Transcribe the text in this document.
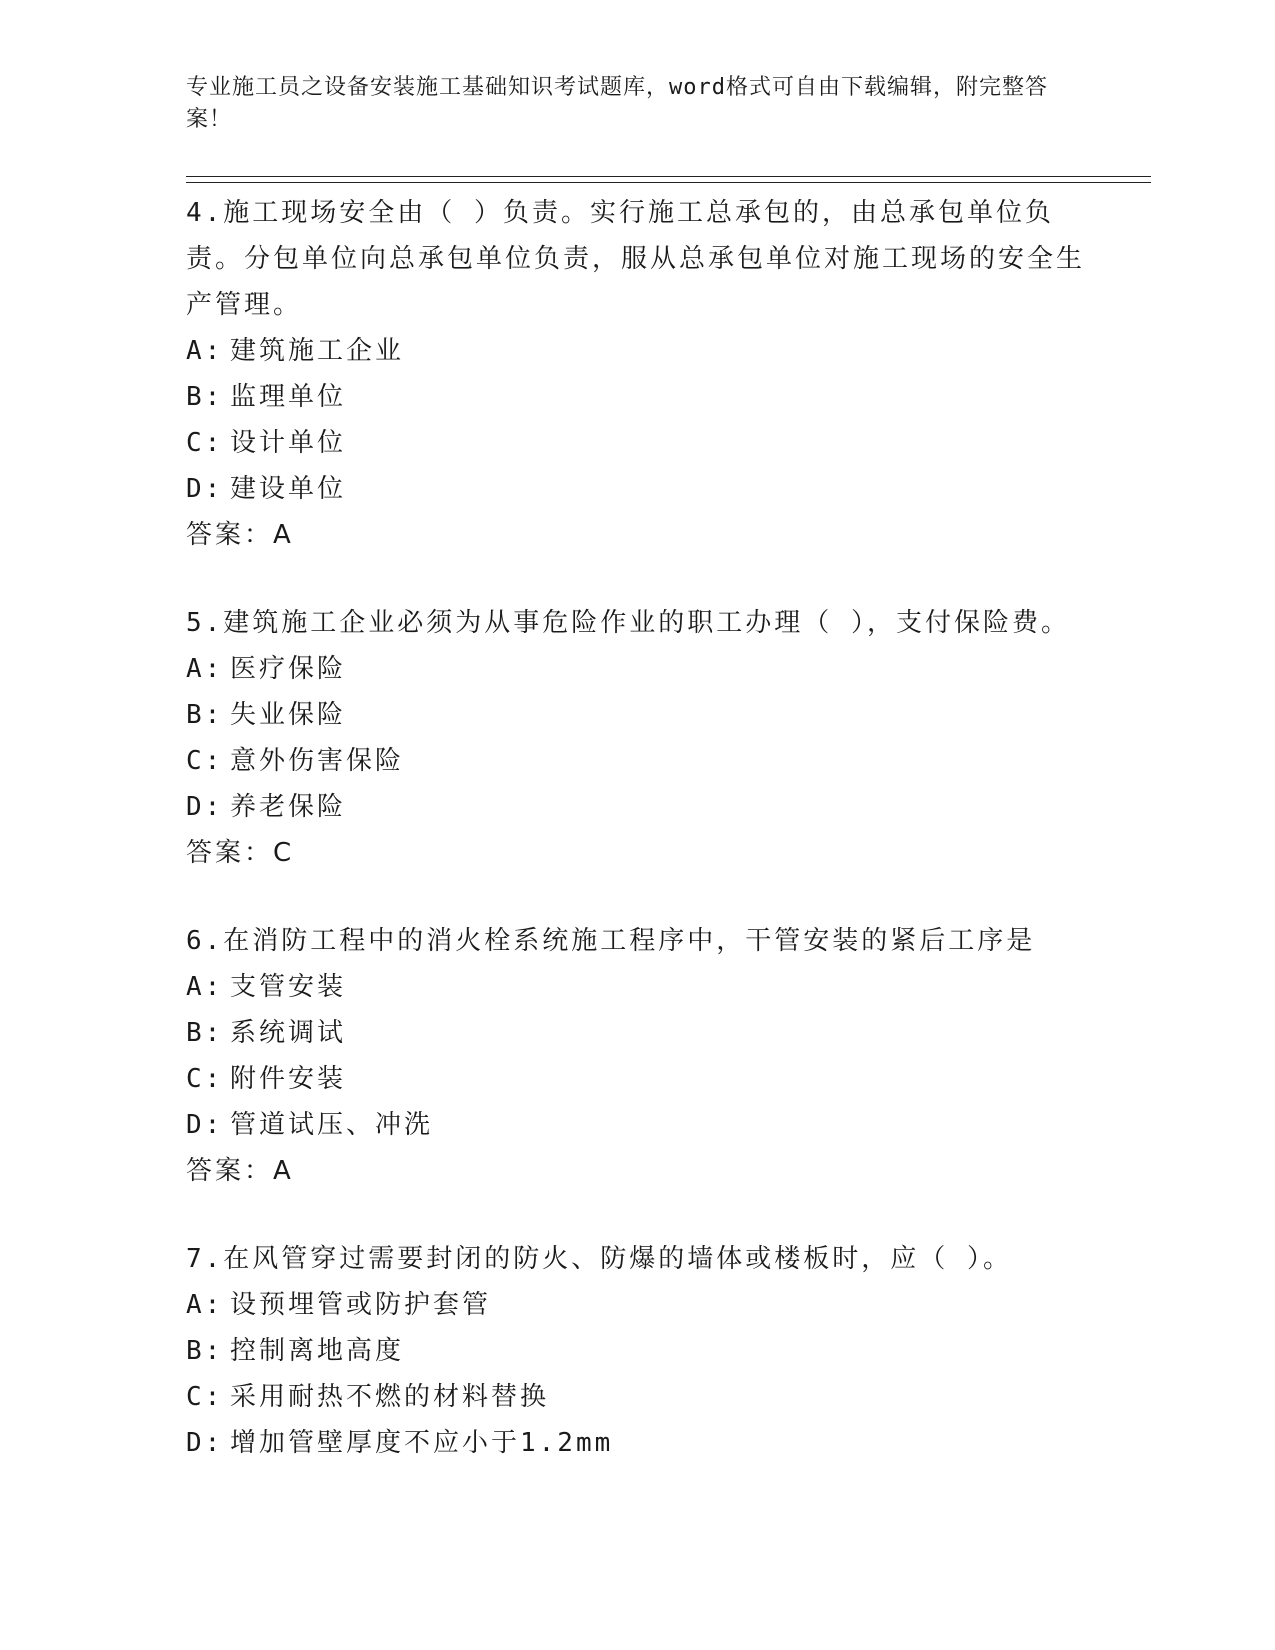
专业施工员之设备安装施工基础知识考试题库，word格式可自由下载编辑，附完整答案！
4.施工现场安全由（ ）负责。实行施工总承包的，由总承包单位负责。分包单位向总承包单位负责，服从总承包单位对施工现场的安全生产管理。
A: 建筑施工企业
B: 监理单位
C: 设计单位
D: 建设单位
答案：A
5.建筑施工企业必须为从事危险作业的职工办理（ ），支付保险费。
A: 医疗保险
B: 失业保险
C: 意外伤害保险
D: 养老保险
答案：C
6.在消防工程中的消火栓系统施工程序中，干管安装的紧后工序是
A: 支管安装
B: 系统调试
C: 附件安装
D: 管道试压、冲洗
答案：A
7.在风管穿过需要封闭的防火、防爆的墙体或楼板时，应（ ）。
A: 设预埋管或防护套管
B: 控制离地高度
C: 采用耐热不燃的材料替换
D: 增加管壁厚度不应小于1.2mm
